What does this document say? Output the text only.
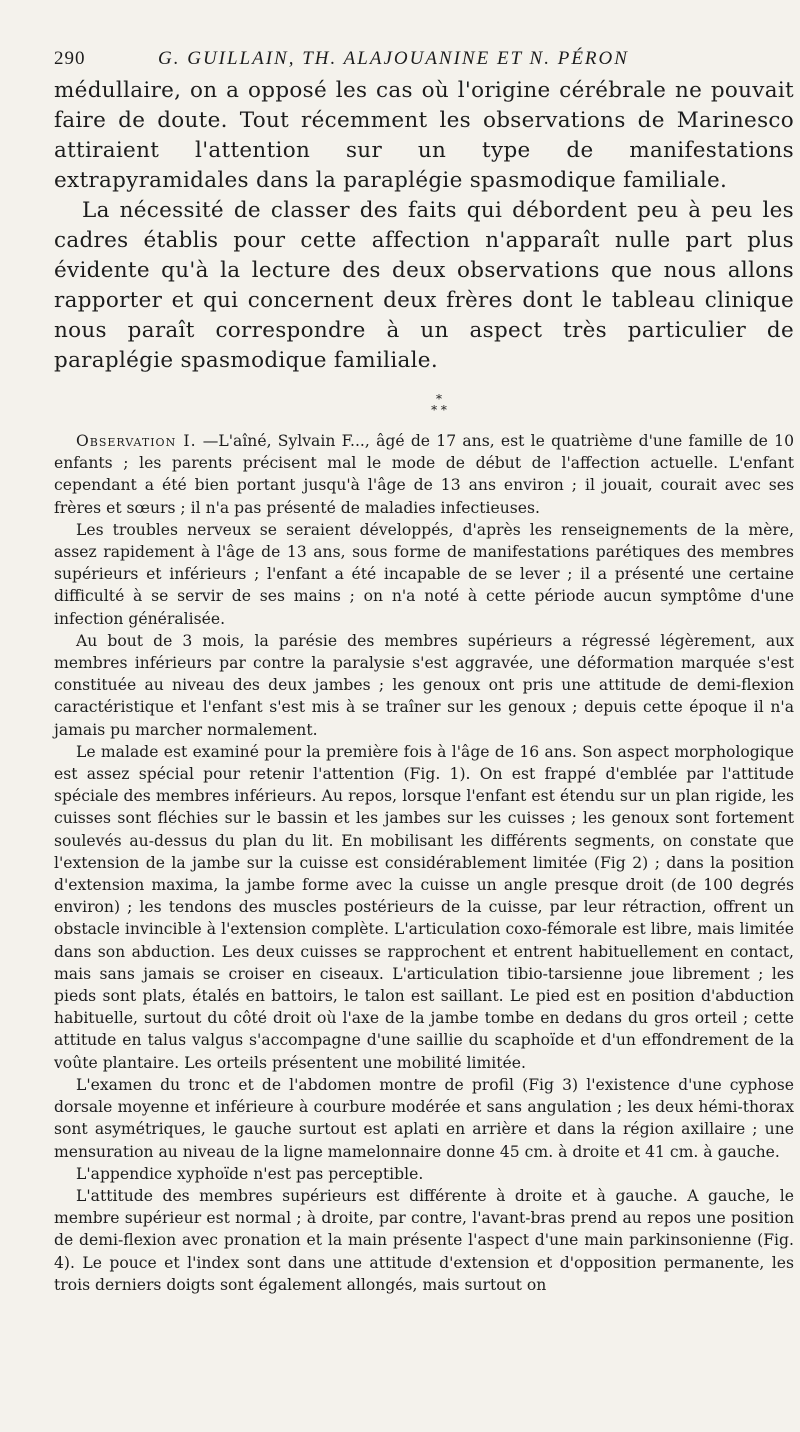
290	G. GUILLAIN, TH. ALAJOUANINE ET N. PÉRON

médullaire, on a opposé les cas où l'origine cérébrale ne pouvait faire de doute. Tout récemment les observations de Marinesco attiraient l'attention sur un type de manifestations extrapyramidales dans la paraplégie spasmodique familiale.

La nécessité de classer des faits qui débordent peu à peu les cadres établis pour cette affection n'apparaît nulle part plus évidente qu'à la lecture des deux observations que nous allons rapporter et qui concernent deux frères dont le tableau clinique nous paraît correspondre à un aspect très particulier de paraplégie spasmodique familiale.

*
* *

Observation I. —L'aîné, Sylvain F..., âgé de 17 ans, est le quatrième d'une famille de 10 enfants ; les parents précisent mal le mode de début de l'affection actuelle. L'enfant cependant a été bien portant jusqu'à l'âge de 13 ans environ ; il jouait, courait avec ses frères et sœurs ; il n'a pas présenté de maladies infectieuses.

Les troubles nerveux se seraient développés, d'après les renseignements de la mère, assez rapidement à l'âge de 13 ans, sous forme de manifestations parétiques des membres supérieurs et inférieurs ; l'enfant a été incapable de se lever ; il a présenté une certaine difficulté à se servir de ses mains ; on n'a noté à cette période aucun symptôme d'une infection généralisée.

Au bout de 3 mois, la parésie des membres supérieurs a régressé légèrement, aux membres inférieurs par contre la paralysie s'est aggravée, une déformation marquée s'est constituée au niveau des deux jambes ; les genoux ont pris une attitude de demi-flexion caractéristique et l'enfant s'est mis à se traîner sur les genoux ; depuis cette époque il n'a jamais pu marcher normalement.

Le malade est examiné pour la première fois à l'âge de 16 ans. Son aspect morphologique est assez spécial pour retenir l'attention (Fig. 1). On est frappé d'emblée par l'attitude spéciale des membres inférieurs. Au repos, lorsque l'enfant est étendu sur un plan rigide, les cuisses sont fléchies sur le bassin et les jambes sur les cuisses ; les genoux sont fortement soulevés au-dessus du plan du lit. En mobilisant les différents segments, on constate que l'extension de la jambe sur la cuisse est considérablement limitée (Fig 2) ; dans la position d'extension maxima, la jambe forme avec la cuisse un angle presque droit (de 100 degrés environ) ; les tendons des muscles postérieurs de la cuisse, par leur rétraction, offrent un obstacle invincible à l'extension complète. L'articulation coxo-fémorale est libre, mais limitée dans son abduction. Les deux cuisses se rapprochent et entrent habituellement en contact, mais sans jamais se croiser en ciseaux. L'articulation tibio-tarsienne joue librement ; les pieds sont plats, étalés en battoirs, le talon est saillant. Le pied est en position d'abduction habituelle, surtout du côté droit où l'axe de la jambe tombe en dedans du gros orteil ; cette attitude en talus valgus s'accompagne d'une saillie du scaphoïde et d'un effondrement de la voûte plantaire. Les orteils présentent une mobilité limitée.

L'examen du tronc et de l'abdomen montre de profil (Fig 3) l'existence d'une cyphose dorsale moyenne et inférieure à courbure modérée et sans angulation ; les deux hémi-thorax sont asymétriques, le gauche surtout est aplati en arrière et dans la région axillaire ; une mensuration au niveau de la ligne mamelonnaire donne 45 cm. à droite et 41 cm. à gauche.

L'appendice xyphoïde n'est pas perceptible.

L'attitude des membres supérieurs est différente à droite et à gauche. A gauche, le membre supérieur est normal ; à droite, par contre, l'avant-bras prend au repos une position de demi-flexion avec pronation et la main présente l'aspect d'une main parkinsonienne (Fig. 4). Le pouce et l'index sont dans une attitude d'extension et d'opposition permanente, les trois derniers doigts sont également allongés, mais surtout on
